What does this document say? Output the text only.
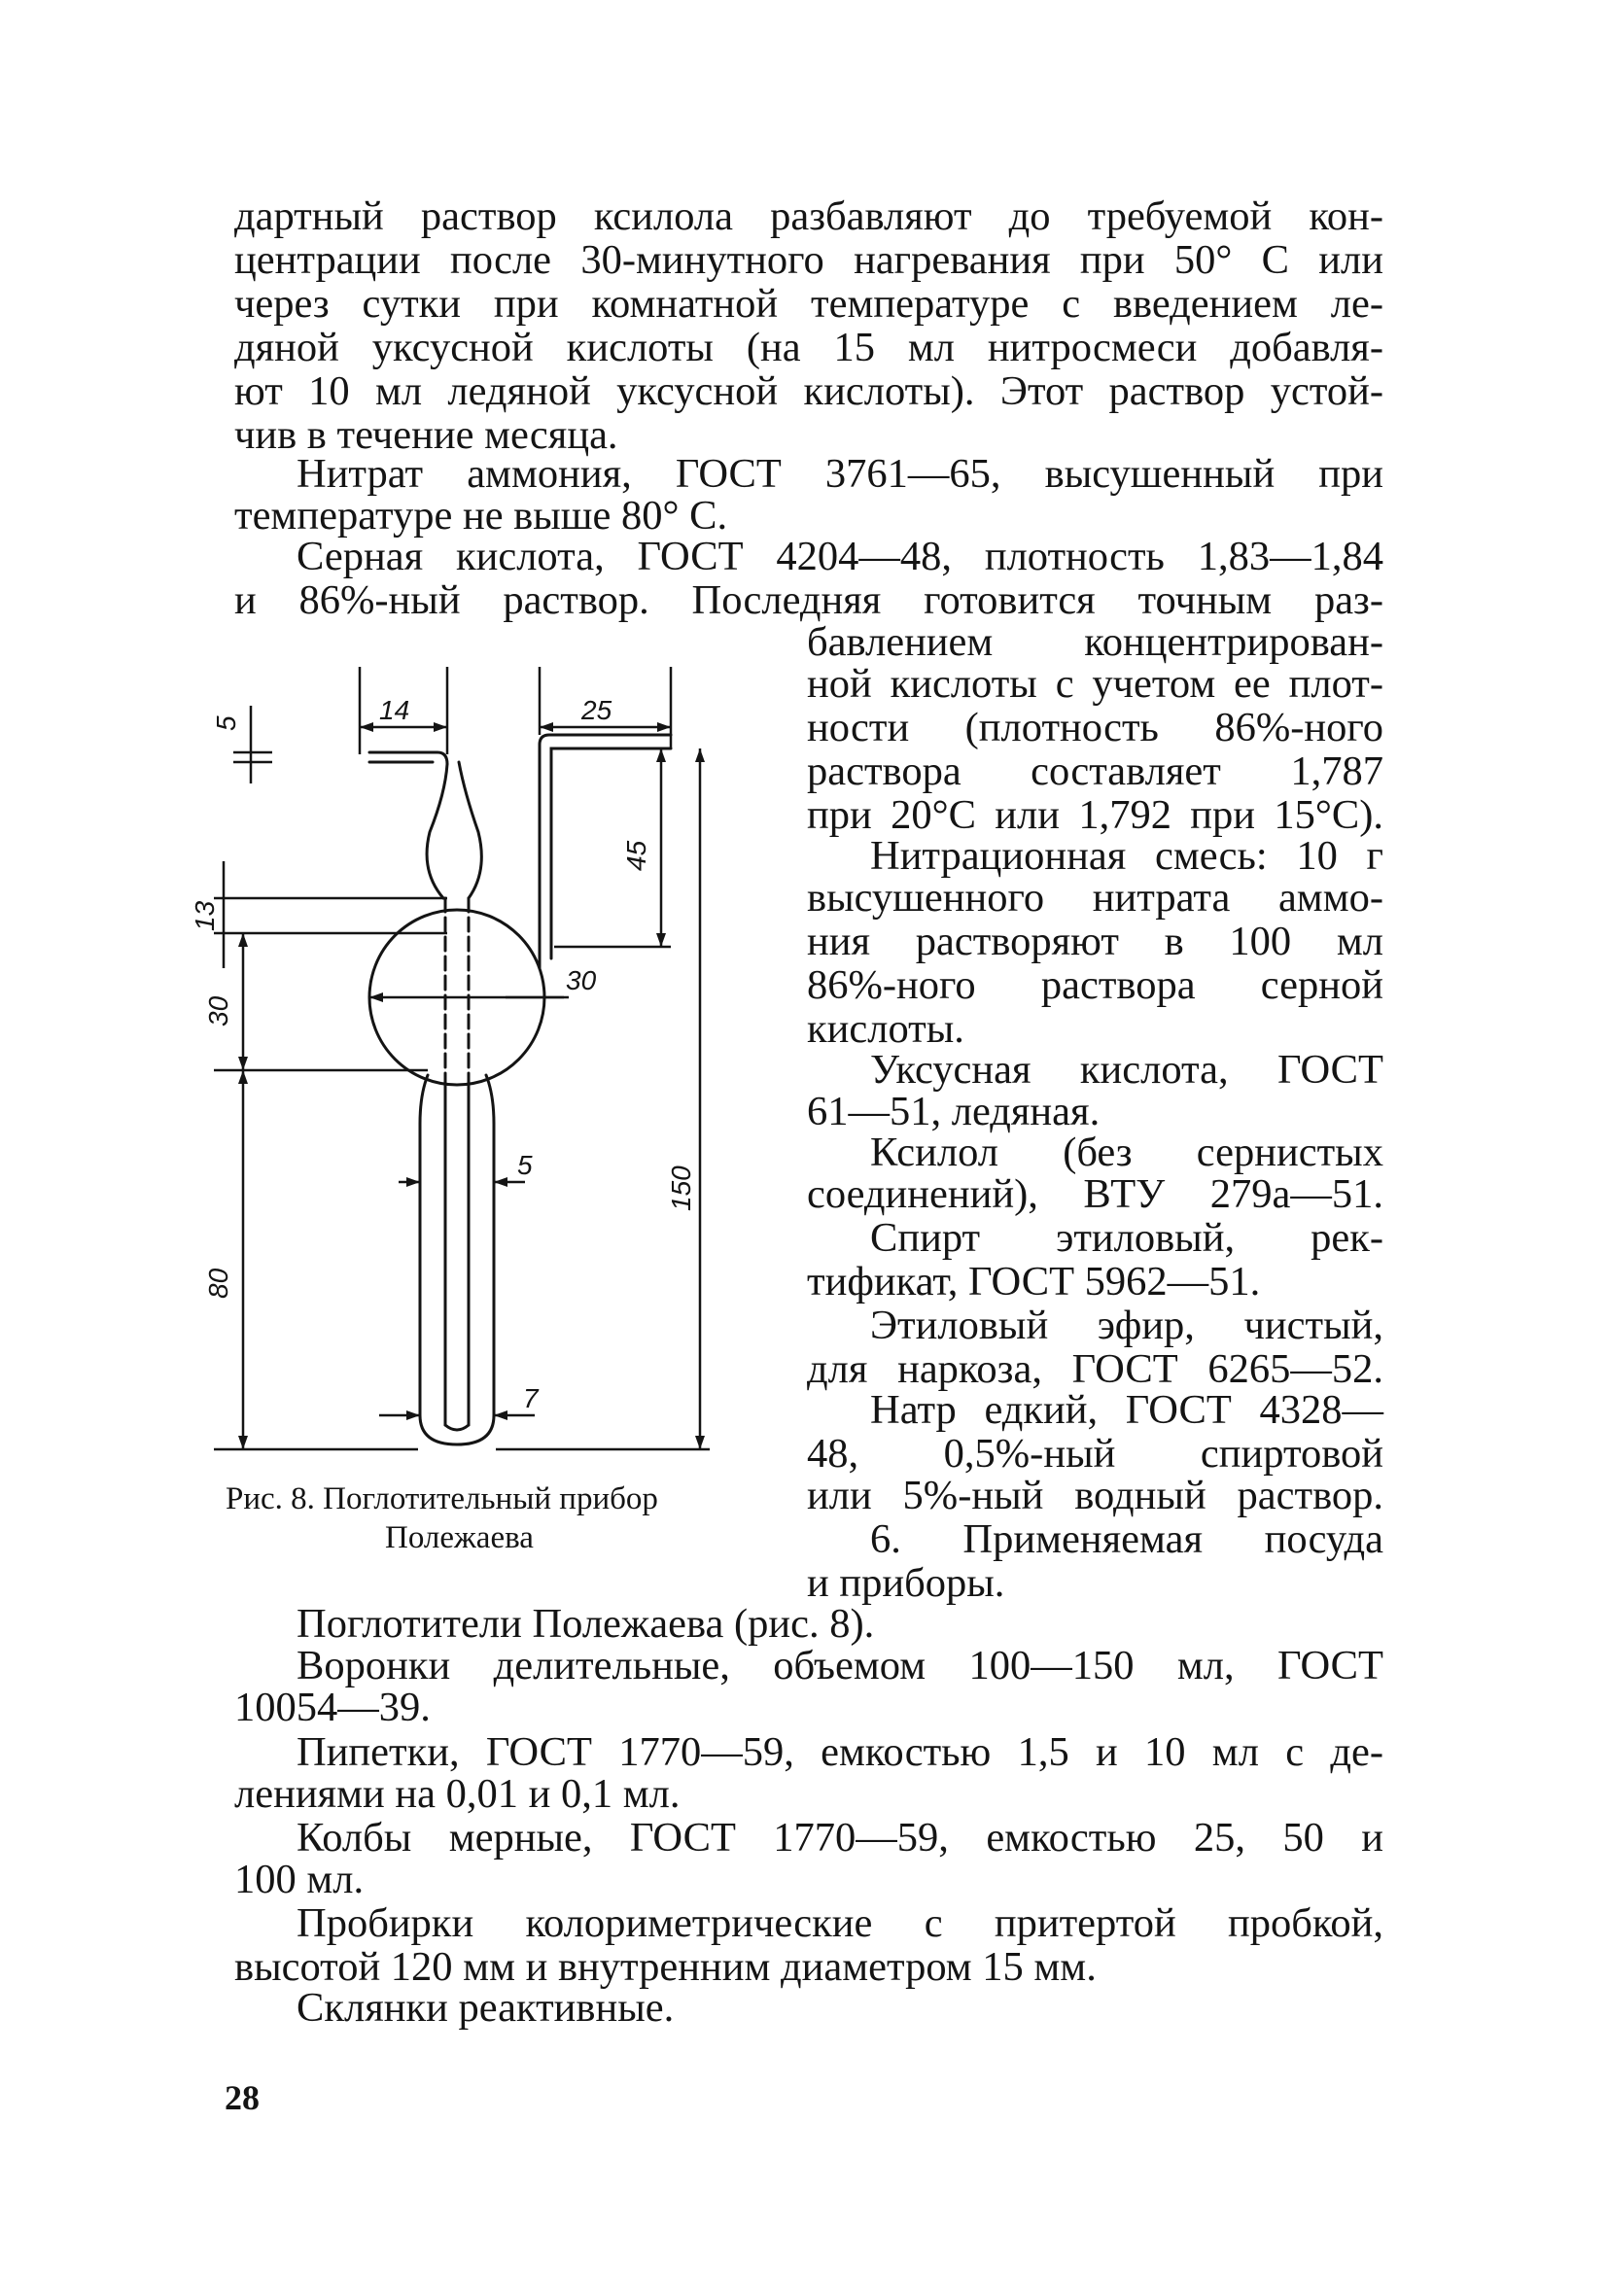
дартный раствор ксилола разбавляют до требуемой кон-
центрации после 30-минутного нагревания при 50° С или
через сутки при комнатной температуре с введением ле-
дяной уксусной кислоты (на 15 мл нитросмеси добавля-
ют 10 мл ледяной уксусной кислоты). Этот раствор устой-
чив в течение месяца.
Нитрат аммония, ГОСТ 3761—65, высушенный при
температуре не выше 80° С.
Серная кислота, ГОСТ 4204—48, плотность 1,83—1,84
и 86%-ный раствор. Последняя готовится точным раз-
бавлением концентрирован-
ной кислоты с учетом ее плот-
ности (плотность 86%-ного
раствора составляет 1,787
при 20°С или 1,792 при 15°С).
Нитрационная смесь: 10 г
высушенного нитрата аммо-
ния растворяют в 100 мл
86%-ного раствора серной
кислоты.
Уксусная кислота, ГОСТ
61—51, ледяная.
Ксилол (без сернистых
соединений), ВТУ 279а—51.
Спирт этиловый, рек-
тификат, ГОСТ 5962—51.
Этиловый эфир, чистый,
для наркоза, ГОСТ 6265—52.
Натр едкий, ГОСТ 4328—
48, 0,5%-ный спиртовой
или 5%-ный водный раствор.
6. Применяемая посуда
и приборы.
Поглотители Полежаева (рис. 8).
Воронки делительные, объемом 100—150 мл, ГОСТ
10054—39.
Пипетки, ГОСТ 1770—59, емкостью 1,5 и 10 мл с де-
лениями на 0,01 и 0,1 мл.
Колбы мерные, ГОСТ 1770—59, емкостью 25, 50 и
100 мл.
Пробирки колориметрические с притертой пробкой,
высотой 120 мм и внутренним диаметром 15 мм.
Склянки реактивные.
28
5	14	25
45
13
30
30
150
80
5
7
Рис. 8. Поглотительный прибор
Полежаева
